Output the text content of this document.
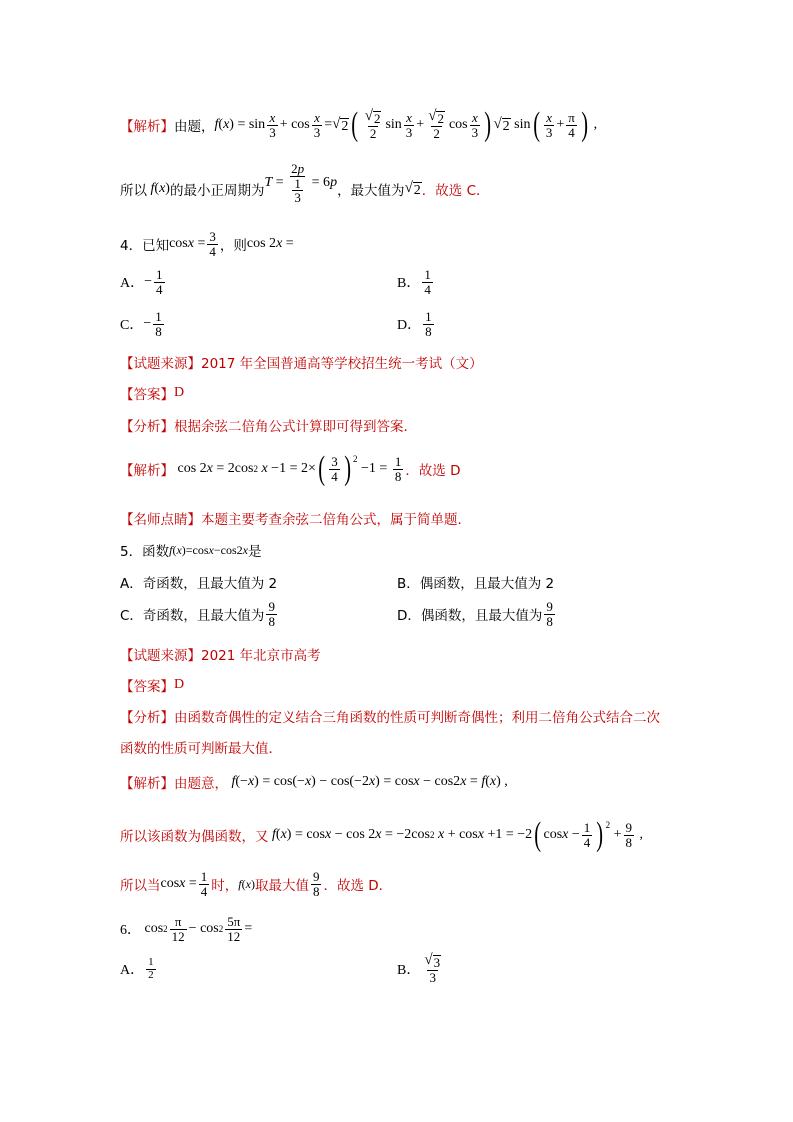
【解析】 由题， f ( x ) = $\sin \frac{x}{3} + \cos \frac{x}{3}$ = √ 2 ( $\frac{√ 2}{2}$ $\sin \frac{x}{3} + \frac{√ 2}{2}$ $\cos \frac{x}{3}$ ) √ 2 sin ( $\frac{x}{3} + \frac{\pi}{4}$ ) ,
所以 f(x) 的最小正周期为
$T = \frac{2p}{\frac{1}{3}} = 6$ p
，最大值为 √ 2 ．故选 C．
4．已知 $\cos x = \frac{3}{4}$ ，则 cos 2x =
A． − $\frac{1}{4}$	B． $\frac{1}{4}$
C． − $\frac{1}{8}$	D． $\frac{1}{8}$
【试题来源】 2017 年全国普通高等学校招生统一考试（文）
【答案】 D
【分析】 根据余弦二倍角公式计算即可得到答案．
【解析】 cos 2 x = 2cos 2
x −1 = 2× ( $\frac{3}{4}$ ) $^2$
$-1 = \frac{1}{8}$ ．故选 D
【名师点睛】 本题主要考查余弦二倍角公式，属于简单题．
5．函数 f(x)=cosx−cos2x 是
A．奇函数，且最大值为 2	B．偶函数，且最大值为 2
C．奇函数，且最大值为 $\frac{9}{8}$	D．偶函数，且最大值为 $\frac{9}{8}$
【试题来源】 2021 年北京市高考
【答案】 D
【分析】 由函数奇偶性的定义结合三角函数的性质可判断奇偶性；利用二倍角公式结合二次
函数的性质可判断最大值．
【解析】 由题意， f(−x) = cos(−x) − cos(−2x) = cosx − cos2x = f(x) ,
所以该函数为偶函数，又
f ( x ) = cos x − cos 2 x = −2cos 2
x + cos x +1 = −2 ( $\cos x - \frac{1}{4}$ ) $^2$
+ $\frac{9}{8}$ ,
所以当 $\cos x = \frac{1}{4}$ 时， f(x) 取最大值 $\frac{9}{8}$ ．故选 D．
6． $\cos 2 \frac{\pi}{12} - \cos 2 \frac{5\pi}{12}$ =
A． $\frac{1}{2}$	B． $\frac{√ 3}{3}$
